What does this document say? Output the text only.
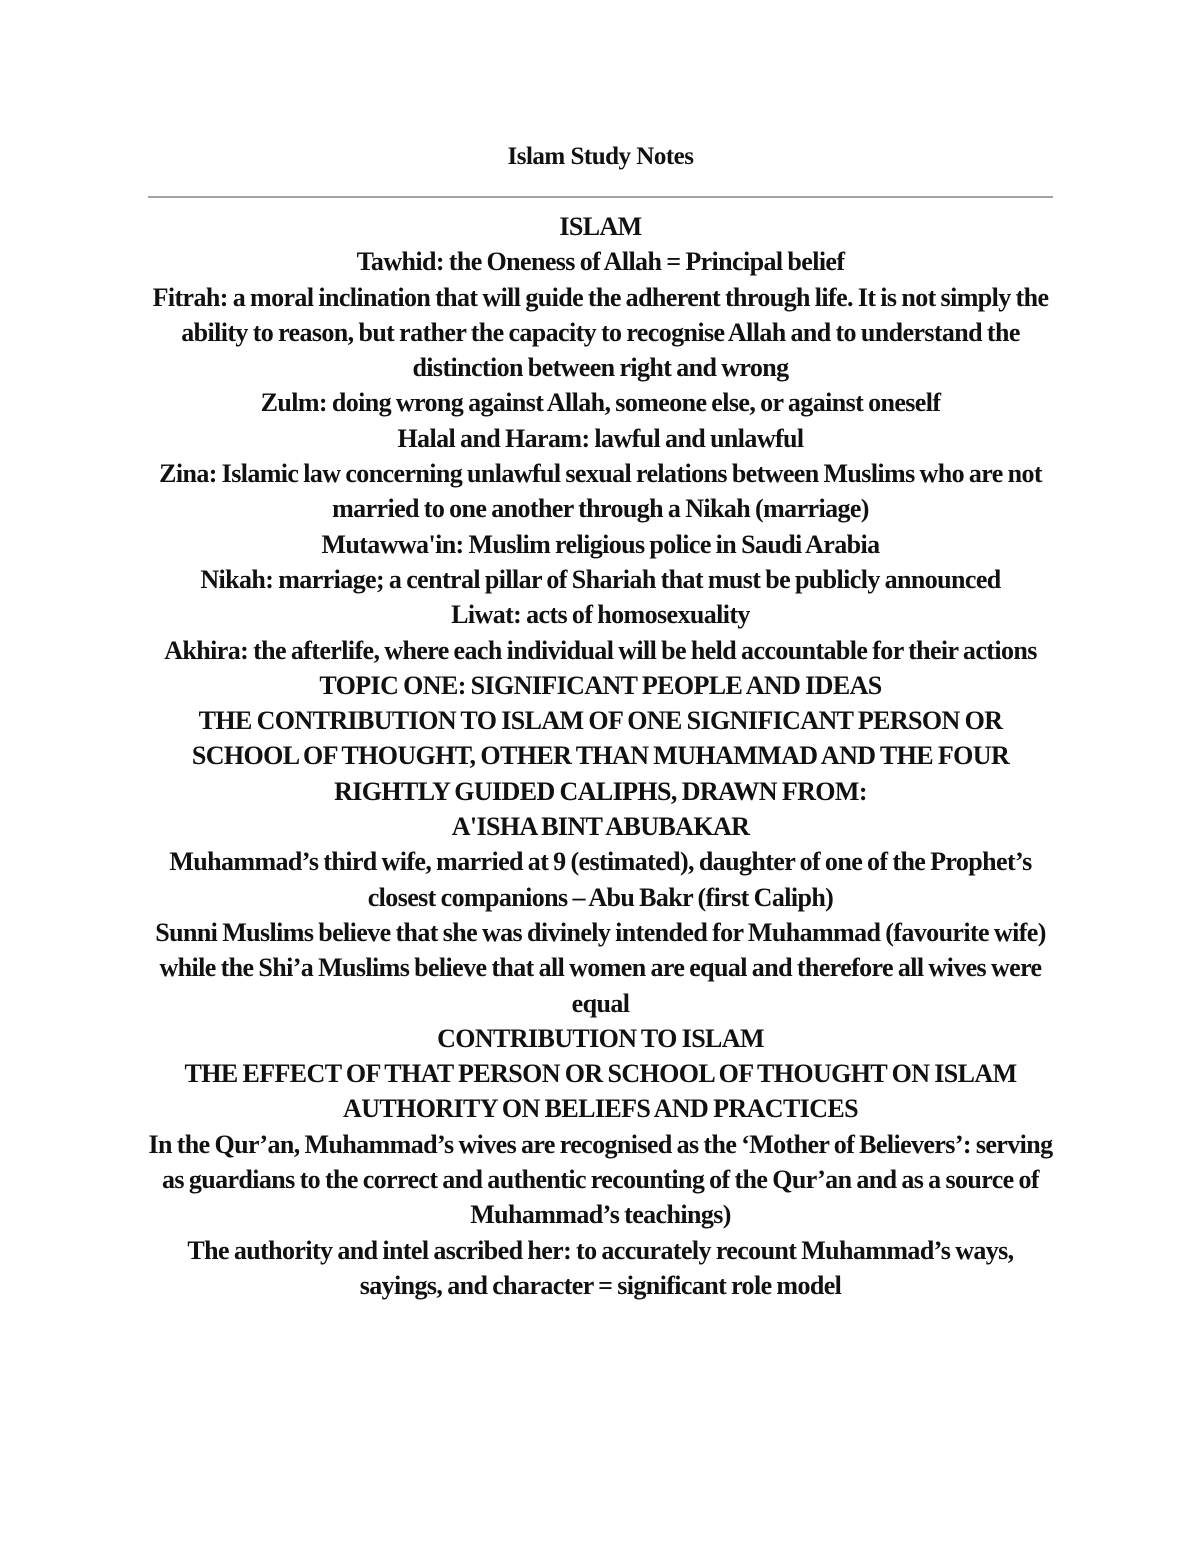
Islam Study Notes

ISLAM

Tawhid: the Oneness of Allah = Principal belief

Fitrah: a moral inclination that will guide the adherent through life. It is not simply the ability to reason, but rather the capacity to recognise Allah and to understand the distinction between right and wrong

Zulm: doing wrong against Allah, someone else, or against oneself

Halal and Haram: lawful and unlawful

Zina: Islamic law concerning unlawful sexual relations between Muslims who are not married to one another through a Nikah (marriage)

Mutawwa'in: Muslim religious police in Saudi Arabia

Nikah: marriage; a central pillar of Shariah that must be publicly announced

Liwat: acts of homosexuality

Akhira: the afterlife, where each individual will be held accountable for their actions

TOPIC ONE: SIGNIFICANT PEOPLE AND IDEAS

THE CONTRIBUTION TO ISLAM OF ONE SIGNIFICANT PERSON OR SCHOOL OF THOUGHT, OTHER THAN MUHAMMAD AND THE FOUR RIGHTLY GUIDED CALIPHS, DRAWN FROM:

A'ISHA BINT ABUBAKAR

Muhammad’s third wife, married at 9 (estimated), daughter of one of the Prophet’s closest companions – Abu Bakr (first Caliph)

Sunni Muslims believe that she was divinely intended for Muhammad (favourite wife) while the Shi’a Muslims believe that all women are equal and therefore all wives were equal

CONTRIBUTION TO ISLAM

THE EFFECT OF THAT PERSON OR SCHOOL OF THOUGHT ON ISLAM

AUTHORITY ON BELIEFS AND PRACTICES

In the Qur’an, Muhammad’s wives are recognised as the ‘Mother of Believers’: serving as guardians to the correct and authentic recounting of the Qur’an and as a source of Muhammad’s teachings)

The authority and intel ascribed her: to accurately recount Muhammad’s ways, sayings, and character = significant role model
